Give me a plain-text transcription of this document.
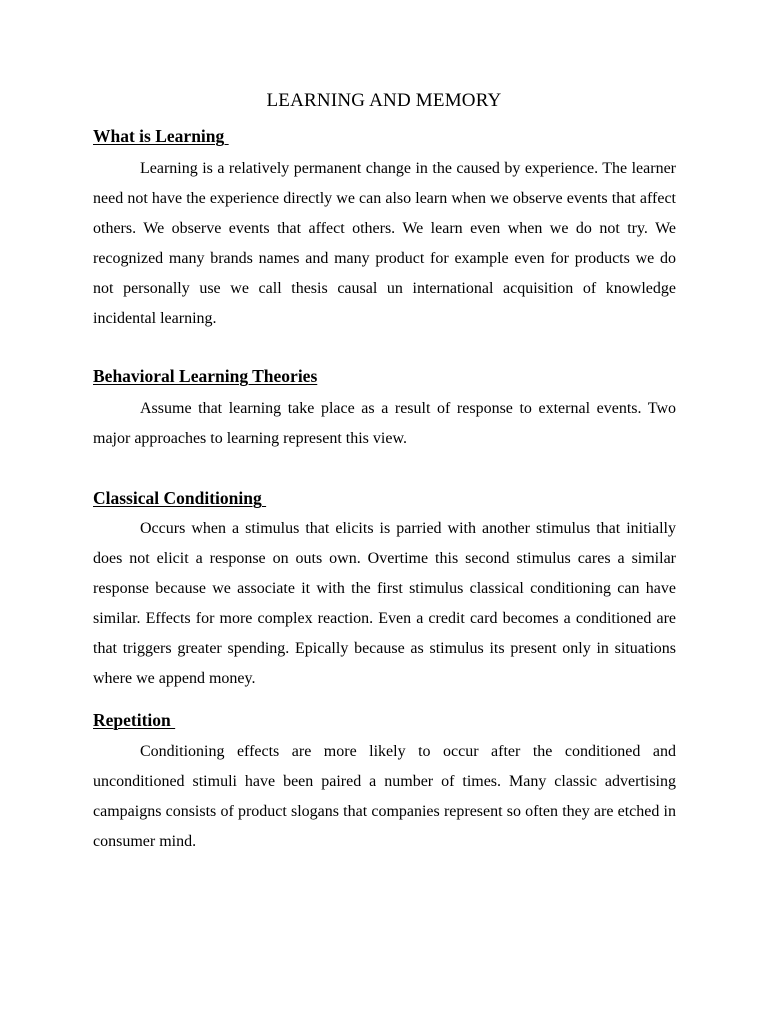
LEARNING AND MEMORY
What is Learning

Learning is a relatively permanent change in the caused by experience. The learner need not have the experience directly we can also learn when we observe events that affect others. We observe events that affect others. We learn even when we do not try. We recognized many brands names and many product for example even for products we do not personally use we call thesis causal un international acquisition of knowledge incidental learning.

Behavioral Learning Theories

Assume that learning take place as a result of response to external events. Two major approaches to learning represent this view.

Classical Conditioning

Occurs when a stimulus that elicits is parried with another stimulus that initially does not elicit a response on outs own. Overtime this second stimulus cares a similar response because we associate it with the first stimulus classical conditioning can have similar. Effects for more complex reaction. Even a credit card becomes a conditioned are that triggers greater spending. Epically because as stimulus its present only in situations where we append money.

Repetition

Conditioning effects are more likely to occur after the conditioned and unconditioned stimuli have been paired a number of times. Many classic advertising campaigns consists of product slogans that companies represent so often they are etched in consumer mind.
